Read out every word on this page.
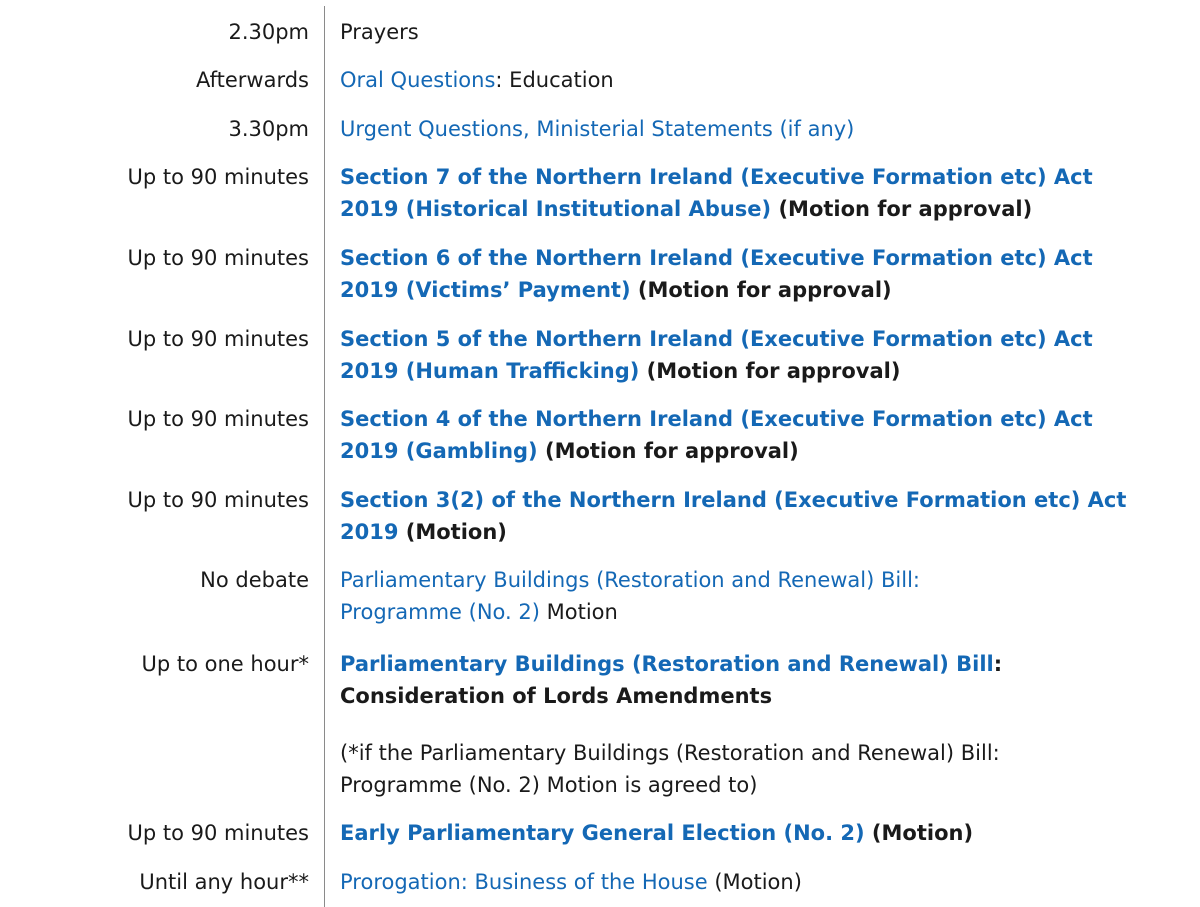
2.30pm Prayers
Afterwards Oral Questions: Education
3.30pm Urgent Questions, Ministerial Statements (if any)
Up to 90 minutes Section 7 of the Northern Ireland (Executive Formation etc) Act
2019 (Historical Institutional Abuse) (Motion for approval)
Up to 90 minutes Section 6 of the Northern Ireland (Executive Formation etc) Act
2019 (Victims’ Payment) (Motion for approval)
Up to 90 minutes Section 5 of the Northern Ireland (Executive Formation etc) Act
2019 (Human Trafficking) (Motion for approval)
Up to 90 minutes Section 4 of the Northern Ireland (Executive Formation etc) Act
2019 (Gambling) (Motion for approval)
Up to 90 minutes Section 3(2) of the Northern Ireland (Executive Formation etc) Act
2019 (Motion)
No debate Parliamentary Buildings (Restoration and Renewal) Bill:
Programme (No. 2) Motion
Up to one hour* Parliamentary Buildings (Restoration and Renewal) Bill:
Consideration of Lords Amendments
(*if the Parliamentary Buildings (Restoration and Renewal) Bill:
Programme (No. 2) Motion is agreed to)
Up to 90 minutes Early Parliamentary General Election (No. 2) (Motion)
Until any hour** Prorogation: Business of the House (Motion)
